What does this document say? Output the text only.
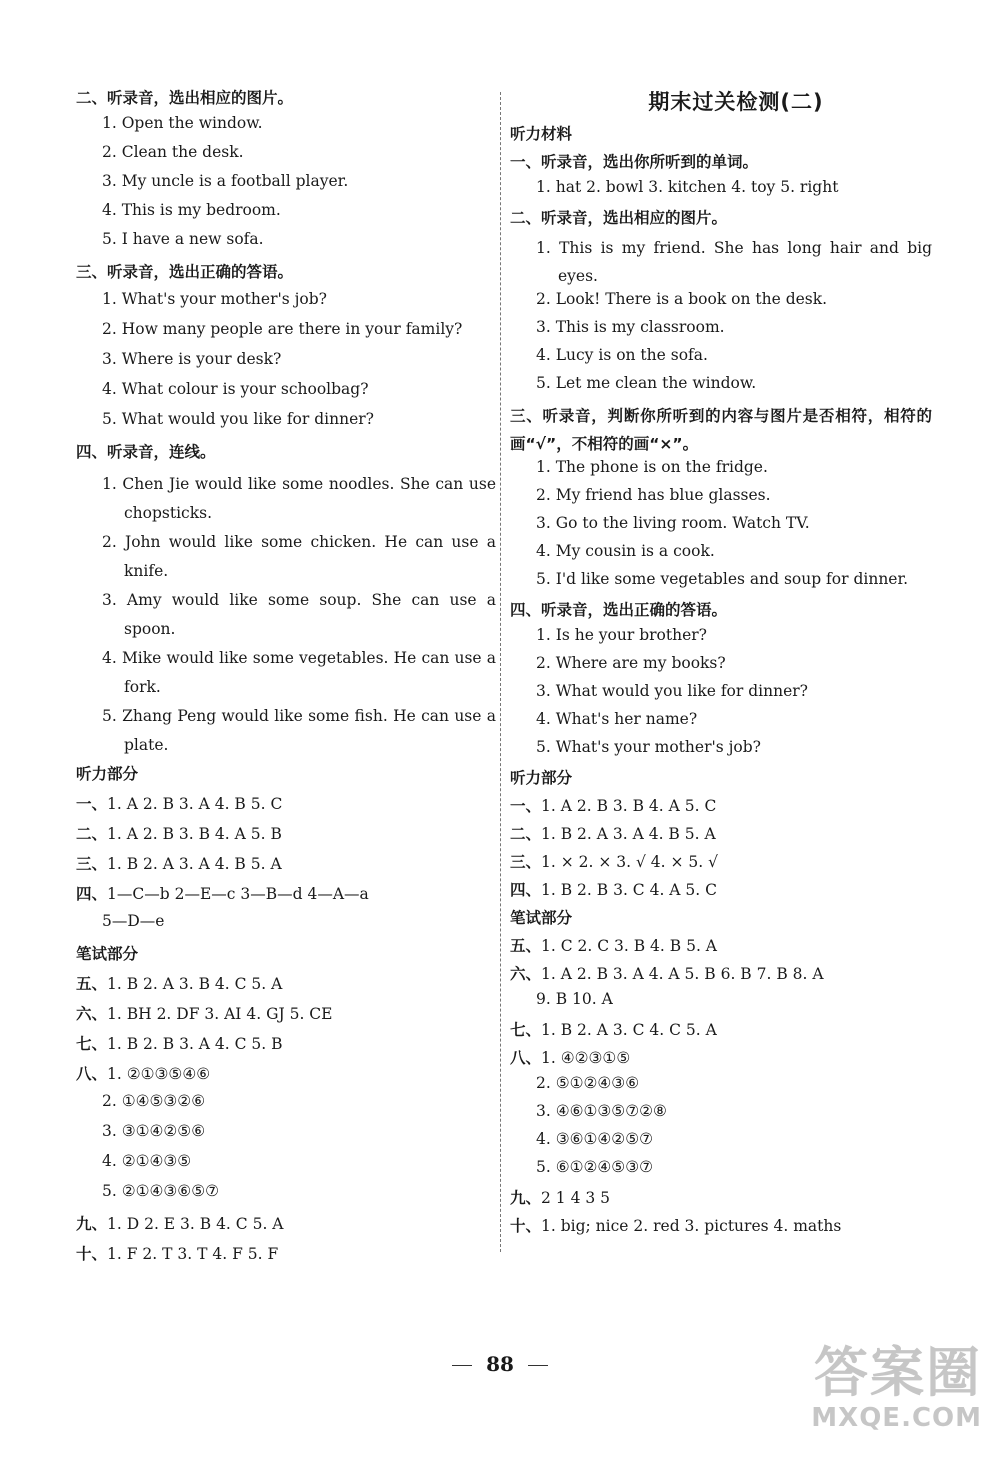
二、听录音，选出相应的图片。
1. Open the window.
2. Clean the desk.
3. My uncle is a football player.
4. This is my bedroom.
5. I have a new sofa.
三、听录音，选出正确的答语。
1. What's your mother's job?
2. How many people are there in your family?
3. Where is your desk?
4. What colour is your schoolbag?
5. What would you like for dinner?
四、听录音，连线。
1. Chen Jie would like some noodles. She can use chopsticks.
2. John would like some chicken. He can use a knife.
3. Amy would like some soup. She can use a spoon.
4. Mike would like some vegetables. He can use a fork.
5. Zhang Peng would like some fish. He can use a plate.
听力部分
一、1. A 2. B 3. A 4. B 5. C
二、1. A 2. B 3. B 4. A 5. B
三、1. B 2. A 3. A 4. B 5. A
四、1—C—b 2—E—c 3—B—d 4—A—a
5—D—e
笔试部分
五、1. B 2. A 3. B 4. C 5. A
六、1. BH 2. DF 3. AI 4. GJ 5. CE
七、1. B 2. B 3. A 4. C 5. B
八、1. ②①③⑤④⑥
2. ①④⑤③②⑥
3. ③①④②⑤⑥
4. ②①④③⑤
5. ②①④③⑥⑤⑦
九、1. D 2. E 3. B 4. C 5. A
十、1. F 2. T 3. T 4. F 5. F
期末过关检测(二)
听力材料
一、听录音，选出你所听到的单词。
1. hat 2. bowl 3. kitchen 4. toy 5. right
二、听录音，选出相应的图片。
1. This is my friend. She has long hair and big eyes.
2. Look! There is a book on the desk.
3. This is my classroom.
4. Lucy is on the sofa.
5. Let me clean the window.
三、听录音，判断你所听到的内容与图片是否相符，相符的画“√”，不相符的画“×”。
1. The phone is on the fridge.
2. My friend has blue glasses.
3. Go to the living room. Watch TV.
4. My cousin is a cook.
5. I'd like some vegetables and soup for dinner.
四、听录音，选出正确的答语。
1. Is he your brother?
2. Where are my books?
3. What would you like for dinner?
4. What's her name?
5. What's your mother's job?
听力部分
一、1. A 2. B 3. B 4. A 5. C
二、1. B 2. A 3. A 4. B 5. A
三、1. × 2. × 3. √ 4. × 5. √
四、1. B 2. B 3. C 4. A 5. C
笔试部分
五、1. C 2. C 3. B 4. B 5. A
六、1. A 2. B 3. A 4. A 5. B 6. B 7. B 8. A
9. B 10. A
七、1. B 2. A 3. C 4. C 5. A
八、1. ④②③①⑤
2. ⑤①②④③⑥
3. ④⑥①③⑤⑦②⑧
4. ③⑥①④②⑤⑦
5. ⑥①②④⑤③⑦
九、2 1 4 3 5
十、1. big; nice 2. red 3. pictures 4. maths
88	答案圈
MXQE.COM
